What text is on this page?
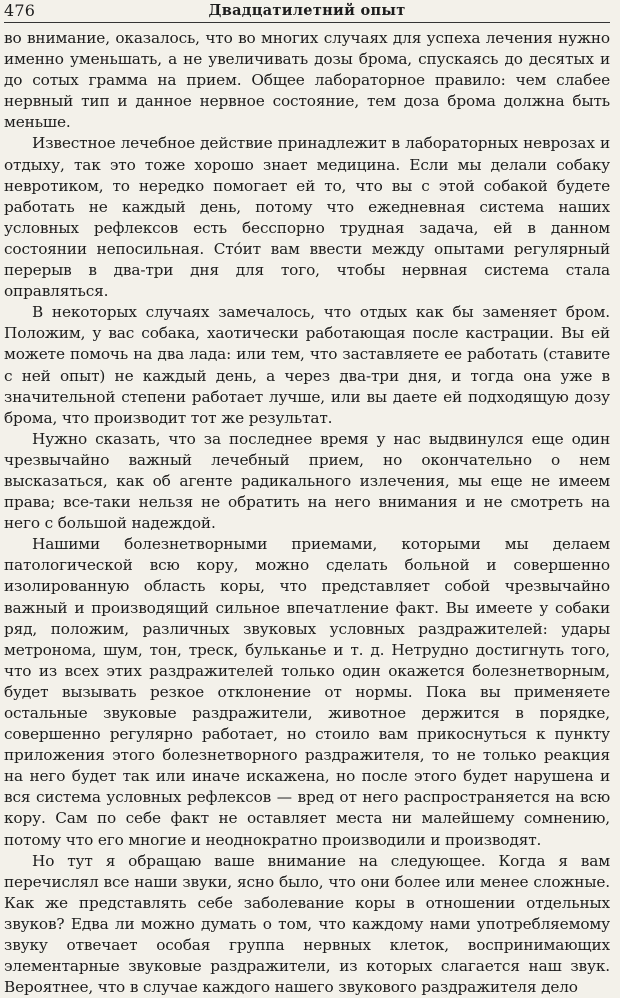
476	Двадцатилетний опыт

во внимание, оказалось, что во многих случаях для успеха лечения нужно именно уменьшать, а не увеличивать дозы брома, спускаясь до десятых и до сотых грамма на прием. Общее лабораторное правило: чем слабее нервный тип и данное нервное состояние, тем доза брома должна быть меньше.

Известное лечебное действие принадлежит в лабораторных неврозах и отдыху, так это тоже хорошо знает медицина. Если мы делали собаку невротиком, то нередко помогает ей то, что вы с этой собакой будете работать не каждый день, потому что ежедневная система наших условных рефлексов есть бесспорно трудная задача, ей в данном состоянии непосильная. Сто́ит вам ввести между опытами регулярный перерыв в два-три дня для того, чтобы нервная система стала оправляться.

В некоторых случаях замечалось, что отдых как бы заменяет бром. Положим, у вас собака, хаотически работающая после кастрации. Вы ей можете помочь на два лада: или тем, что заставляете ее работать (ставите с ней опыт) не каждый день, а через два-три дня, и тогда она уже в значительной степени работает лучше, или вы даете ей подходящую дозу брома, что производит тот же результат.

Нужно сказать, что за последнее время у нас выдвинулся еще один чрезвычайно важный лечебный прием, но окончательно о нем высказаться, как об агенте радикального излечения, мы еще не имеем права; все-таки нельзя не обратить на него внимания и не смотреть на него с большой надеждой.

Нашими болезнетворными приемами, которыми мы делаем патологической всю кору, можно сделать больной и совершенно изолированную область коры, что представляет собой чрезвычайно важный и производящий сильное впечатление факт. Вы имеете у собаки ряд, положим, различных звуковых условных раздражителей: удары метронома, шум, тон, треск, бульканье и т. д. Нетрудно достигнуть того, что из всех этих раздражителей только один окажется болезнетворным, будет вызывать резкое отклонение от нормы. Пока вы применяете остальные звуковые раздражители, животное держится в порядке, совершенно регулярно работает, но стоило вам прикоснуться к пункту приложения этого болезнетворного раздражителя, то не только реакция на него будет так или иначе искажена, но после этого будет нарушена и вся система условных рефлексов — вред от него распространяется на всю кору. Сам по себе факт не оставляет места ни малейшему сомнению, потому что его многие и неоднократно производили и производят.

Но тут я обращаю ваше внимание на следующее. Когда я вам перечислял все наши звуки, ясно было, что они более или менее сложные. Как же представлять себе заболевание коры в отношении отдельных звуков? Едва ли можно думать о том, что каждому нами употребляемому звуку отвечает особая группа нервных клеток, воспринимающих элементарные звуковые раздражители, из которых слагается наш звук. Вероятнее, что в случае каждого нашего звукового раздражителя дело
